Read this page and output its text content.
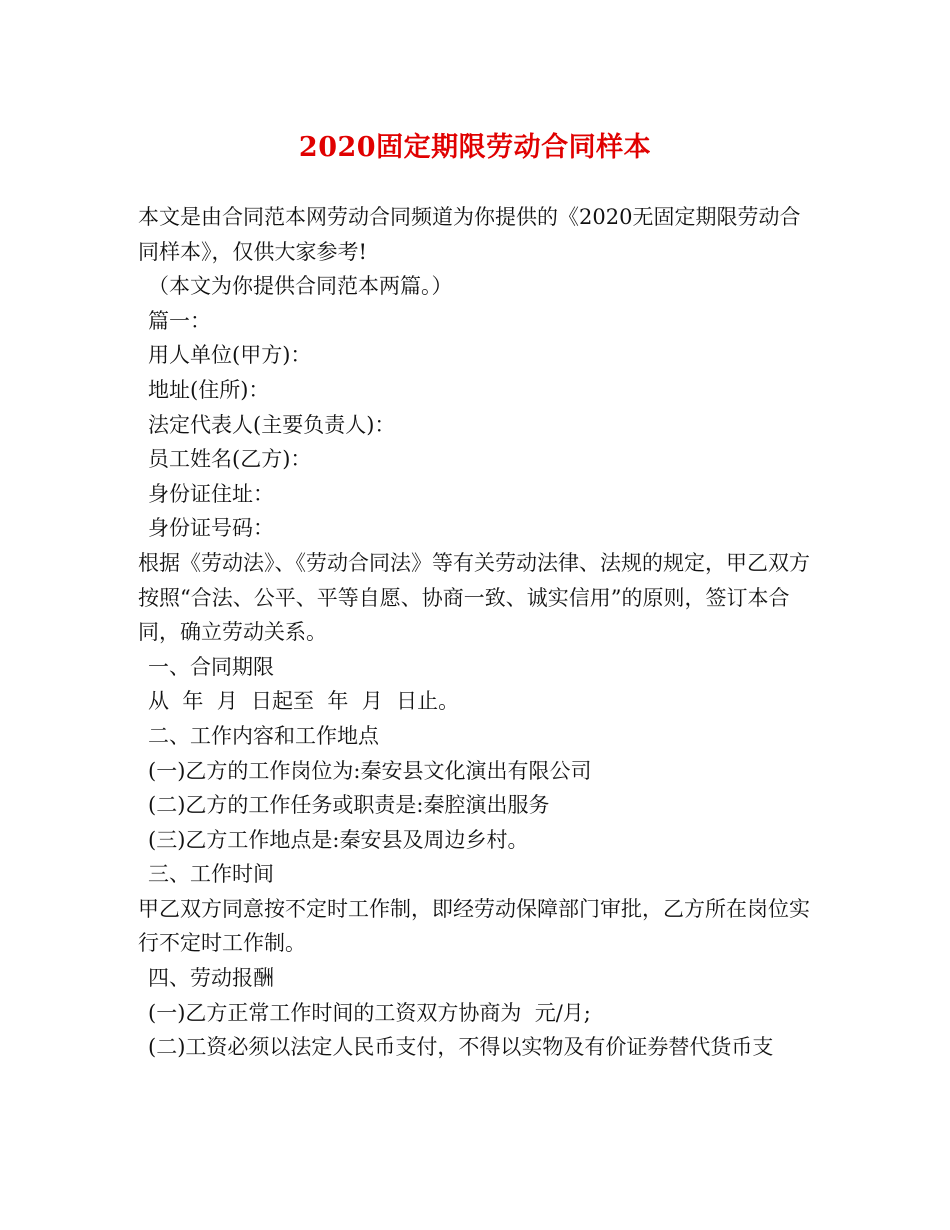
2020固定期限劳动合同样本

本文是由合同范本网劳动合同频道为你提供的《2020无固定期限劳动合同样本》，仅供大家参考!

（本文为你提供合同范本两篇。）

篇一：

用人单位(甲方)：

地址(住所)：

法定代表人(主要负责人)：

员工姓名(乙方)：

身份证住址：

身份证号码：

根据《劳动法》、《劳动合同法》等有关劳动法律、法规的规定，甲乙双方按照“合法、公平、平等自愿、协商一致、诚实信用”的原则，签订本合同，确立劳动关系。

一、合同期限

从  年  月  日起至  年  月  日止。

二、工作内容和工作地点

(一)乙方的工作岗位为:秦安县文化演出有限公司

(二)乙方的工作任务或职责是:秦腔演出服务

(三)乙方工作地点是:秦安县及周边乡村。

三、工作时间

甲乙双方同意按不定时工作制，即经劳动保障部门审批，乙方所在岗位实行不定时工作制。

四、劳动报酬

(一)乙方正常工作时间的工资双方协商为  元/月;

(二)工资必须以法定人民币支付，不得以实物及有价证券替代货币支
